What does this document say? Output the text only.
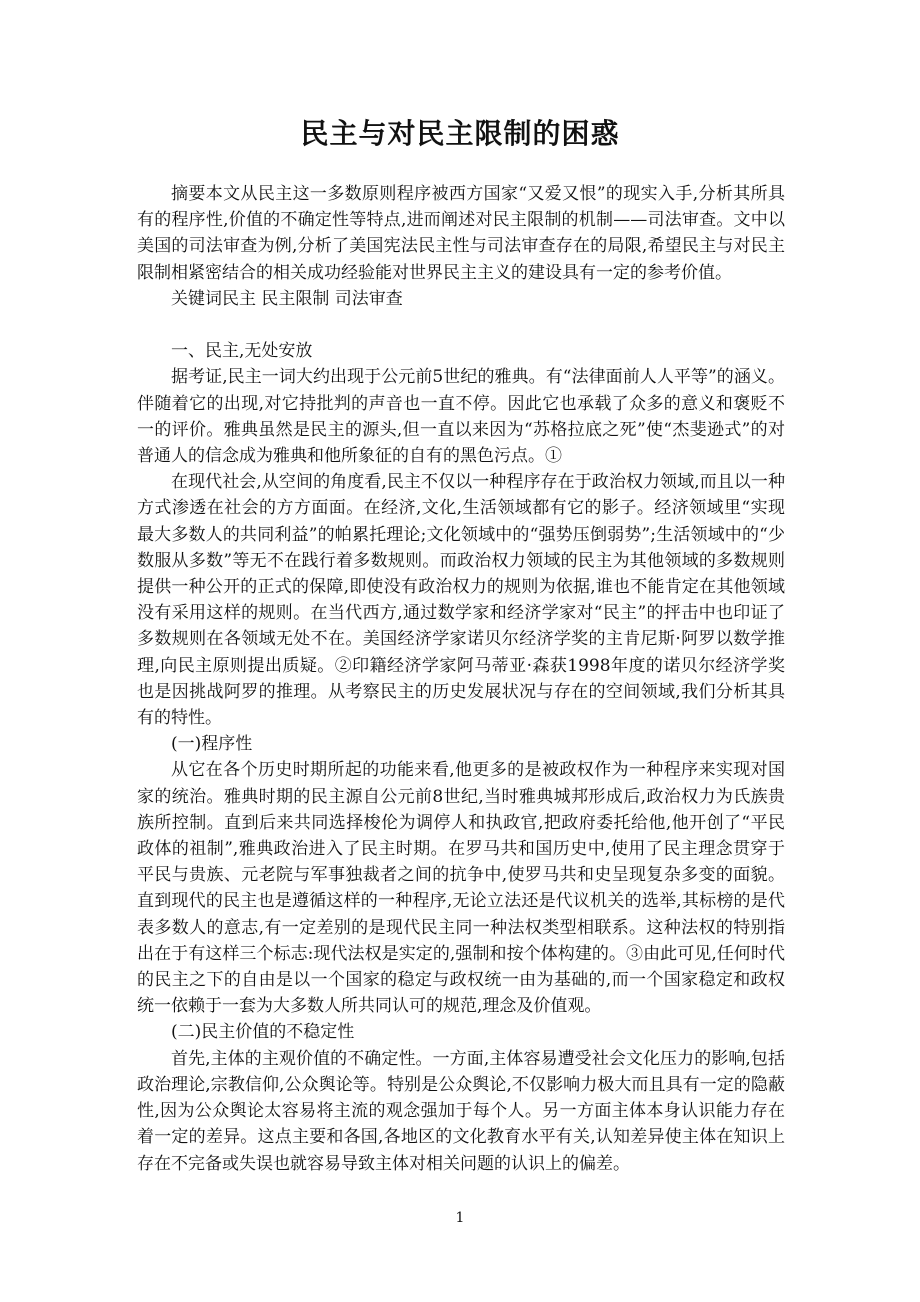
民主与对民主限制的困惑

摘要本文从民主这一多数原则程序被西方国家“又爱又恨”的现实入手,分析其所具有的程序性,价值的不确定性等特点,进而阐述对民主限制的机制——司法审查。文中以美国的司法审查为例,分析了美国宪法民主性与司法审查存在的局限,希望民主与对民主限制相紧密结合的相关成功经验能对世界民主主义的建设具有一定的参考价值。

关键词民主 民主限制 司法审查

一、民主,无处安放

据考证,民主一词大约出现于公元前5世纪的雅典。有“法律面前人人平等”的涵义。伴随着它的出现,对它持批判的声音也一直不停。因此它也承载了众多的意义和褒贬不一的评价。雅典虽然是民主的源头,但一直以来因为“苏格拉底之死”使“杰斐逊式”的对普通人的信念成为雅典和他所象征的自有的黑色污点。①

在现代社会,从空间的角度看,民主不仅以一种程序存在于政治权力领域,而且以一种方式渗透在社会的方方面面。在经济,文化,生活领域都有它的影子。经济领域里“实现最大多数人的共同利益”的帕累托理论;文化领域中的“强势压倒弱势”;生活领域中的“少数服从多数”等无不在践行着多数规则。而政治权力领域的民主为其他领域的多数规则提供一种公开的正式的保障,即使没有政治权力的规则为依据,谁也不能肯定在其他领域没有采用这样的规则。在当代西方,通过数学家和经济学家对“民主”的抨击中也印证了多数规则在各领域无处不在。美国经济学家诺贝尔经济学奖的主肯尼斯·阿罗以数学推理,向民主原则提出质疑。②印籍经济学家阿马蒂亚·森获1998年度的诺贝尔经济学奖也是因挑战阿罗的推理。从考察民主的历史发展状况与存在的空间领域,我们分析其具有的特性。

(一)程序性

从它在各个历史时期所起的功能来看,他更多的是被政权作为一种程序来实现对国家的统治。雅典时期的民主源自公元前8世纪,当时雅典城邦形成后,政治权力为氏族贵族所控制。直到后来共同选择梭伦为调停人和执政官,把政府委托给他,他开创了“平民政体的祖制”,雅典政治进入了民主时期。在罗马共和国历史中,使用了民主理念贯穿于平民与贵族、元老院与军事独裁者之间的抗争中,使罗马共和史呈现复杂多变的面貌。直到现代的民主也是遵循这样的一种程序,无论立法还是代议机关的选举,其标榜的是代表多数人的意志,有一定差别的是现代民主同一种法权类型相联系。这种法权的特别指出在于有这样三个标志:现代法权是实定的,强制和按个体构建的。③由此可见,任何时代的民主之下的自由是以一个国家的稳定与政权统一由为基础的,而一个国家稳定和政权统一依赖于一套为大多数人所共同认可的规范,理念及价值观。

(二)民主价值的不稳定性

首先,主体的主观价值的不确定性。一方面,主体容易遭受社会文化压力的影响,包括政治理论,宗教信仰,公众舆论等。特别是公众舆论,不仅影响力极大而且具有一定的隐蔽性,因为公众舆论太容易将主流的观念强加于每个人。另一方面主体本身认识能力存在着一定的差异。这点主要和各国,各地区的文化教育水平有关,认知差异使主体在知识上存在不完备或失误也就容易导致主体对相关问题的认识上的偏差。

1
